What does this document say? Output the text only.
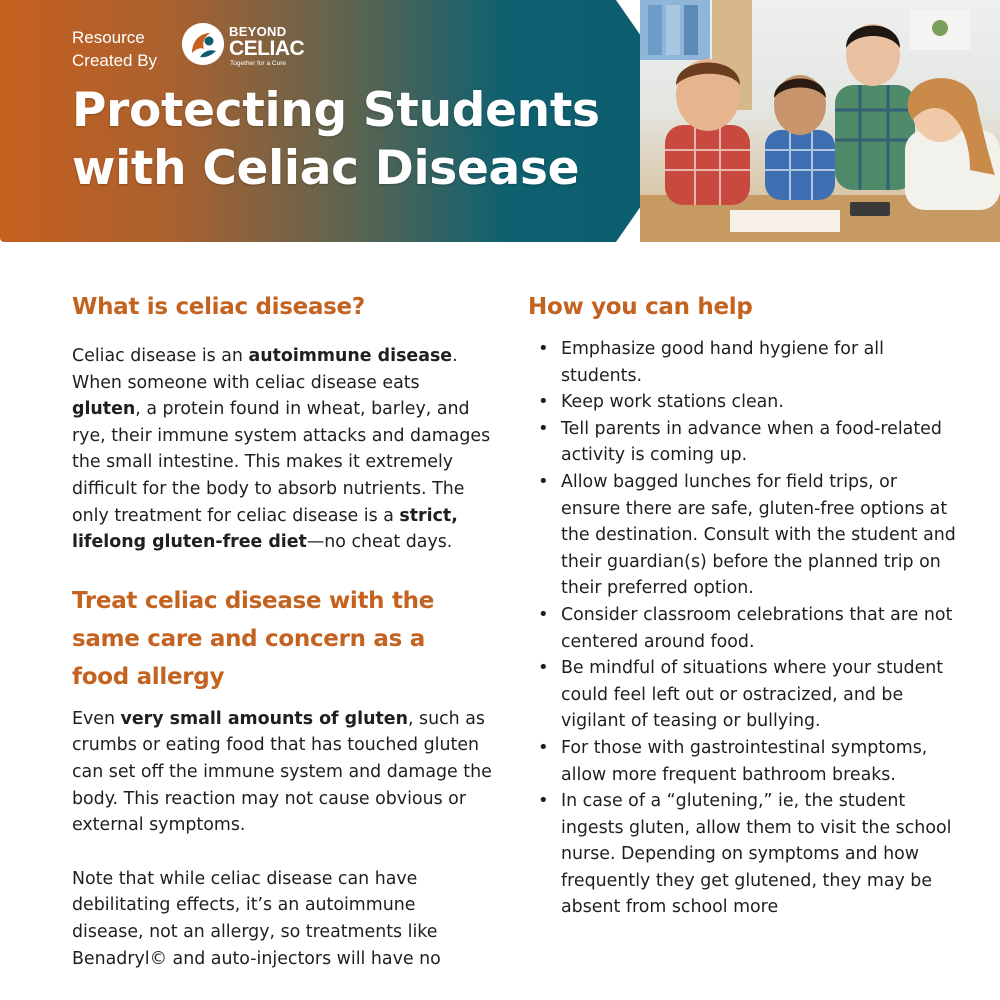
Resource
Created By
BEYOND
CELIAC
Together for a Cure
Protecting Students
with Celiac Disease
What is celiac disease?

Celiac disease is an autoimmune disease. When someone with celiac disease eats gluten, a protein found in wheat, barley, and rye, their immune system attacks and damages the small intestine. This makes it extremely difficult for the body to absorb nutrients. The only treatment for celiac disease is a strict, lifelong gluten-free diet—no cheat days.

Treat celiac disease with the
same care and concern as a
food allergy

Even very small amounts of gluten, such as crumbs or eating food that has touched gluten can set off the immune system and damage the body. This reaction may not cause obvious or external symptoms.

Note that while celiac disease can have debilitating effects, it’s an autoimmune disease, not an allergy, so treatments like Benadryl© and auto-injectors will have no

How you can help
• Emphasize good hand hygiene for all students.
• Keep work stations clean.
• Tell parents in advance when a food-related activity is coming up.
• Allow bagged lunches for field trips, or ensure there are safe, gluten-free options at the destination. Consult with the student and their guardian(s) before the planned trip on their preferred option.
• Consider classroom celebrations that are not centered around food.
• Be mindful of situations where your student could feel left out or ostracized, and be vigilant of teasing or bullying.
• For those with gastrointestinal symptoms, allow more frequent bathroom breaks.
• In case of a “glutening,” ie, the student ingests gluten, allow them to visit the school nurse. Depending on symptoms and how frequently they get glutened, they may be absent from school more
